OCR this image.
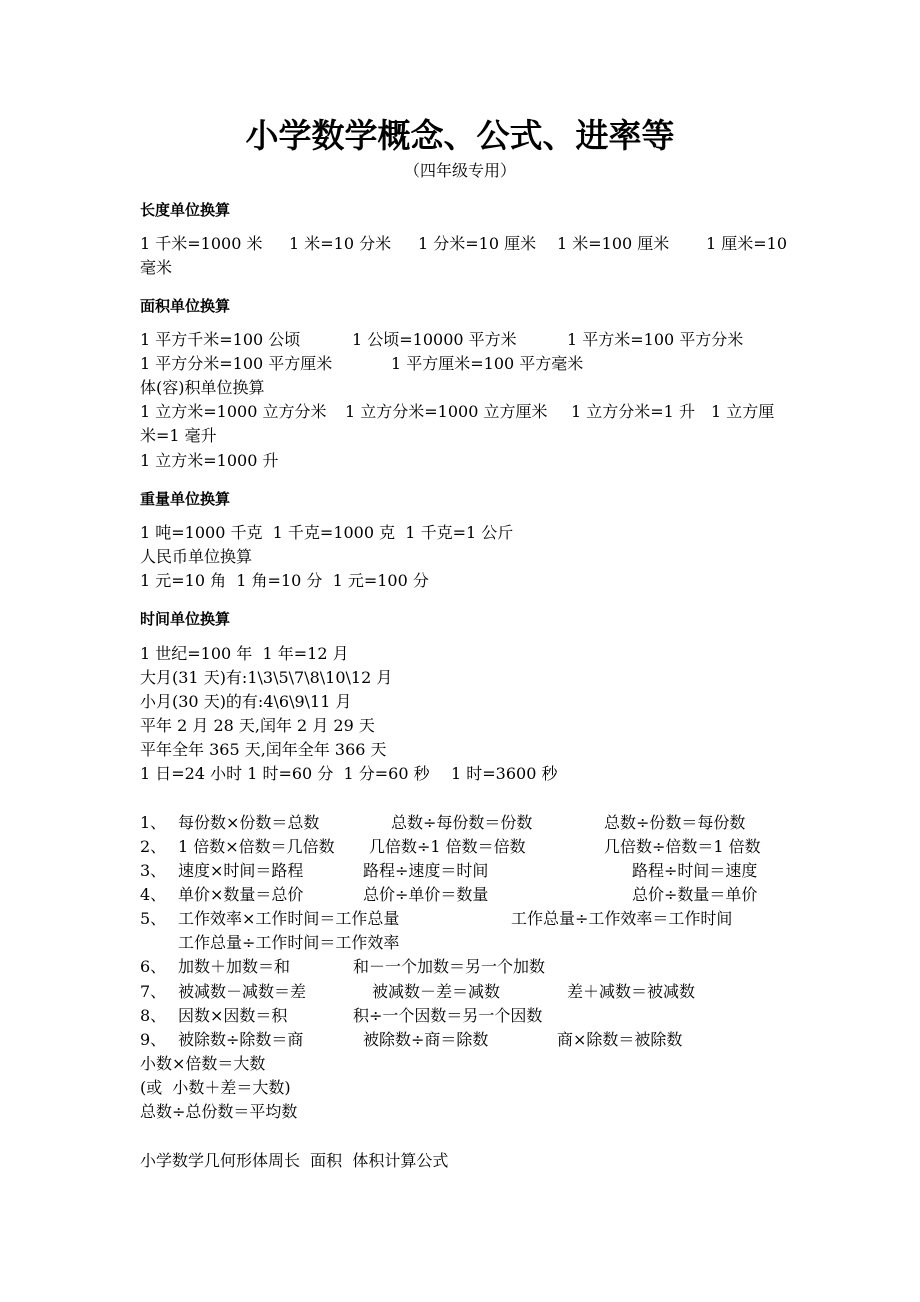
小学数学概念、公式、进率等
（四年级专用）
长度单位换算
1 千米=1000 米 1 米=10 分米 1 分米=10 厘米 1 米=100 厘米 1 厘米=10
毫米
面积单位换算
1 平方千米=100 公顷	1 公顷=10000 平方米	1 平方米=100 平方分米
1 平方分米=100 平方厘米	1 平方厘米=100 平方毫米
体(容)积单位换算
1 立方米=1000 立方分米 1 立方分米=1000 立方厘米 1 立方分米=1 升 1 立方厘
米=1 毫升
1 立方米=1000 升
重量单位换算
1 吨=1000 千克  1 千克=1000 克  1 千克=1 公斤
人民币单位换算
1 元=10 角  1 角=10 分  1 元=100 分
时间单位换算
1 世纪=100 年  1 年=12 月
大月(31 天)有:1\3\5\7\8\10\12 月
小月(30 天)的有:4\6\9\11 月
平年 2 月 28 天,闰年 2 月 29 天
平年全年 365 天,闰年全年 366 天
1 日=24 小时 1 时=60 分  1 分=60 秒 1 时=3600 秒
1、 每份数×份数＝总数	总数÷每份数＝份数	总数÷份数＝每份数
2、 1 倍数×倍数＝几倍数 几倍数÷1 倍数＝倍数	几倍数÷倍数＝1 倍数
3、 速度×时间＝路程	路程÷速度＝时间	路程÷时间＝速度
4、 单价×数量＝总价	总价÷单价＝数量	总价÷数量＝单价
5、 工作效率×工作时间＝工作总量	工作总量÷工作效率＝工作时间
工作总量÷工作时间＝工作效率
6、 加数＋加数＝和	和－一个加数＝另一个加数
7、 被减数－减数＝差	被减数－差＝减数	差＋减数＝被减数
8、 因数×因数＝积	积÷一个因数＝另一个因数
9、 被除数÷除数＝商	被除数÷商＝除数	商×除数＝被除数
小数×倍数＝大数
(或  小数＋差＝大数)
总数÷总份数＝平均数
小学数学几何形体周长  面积  体积计算公式
